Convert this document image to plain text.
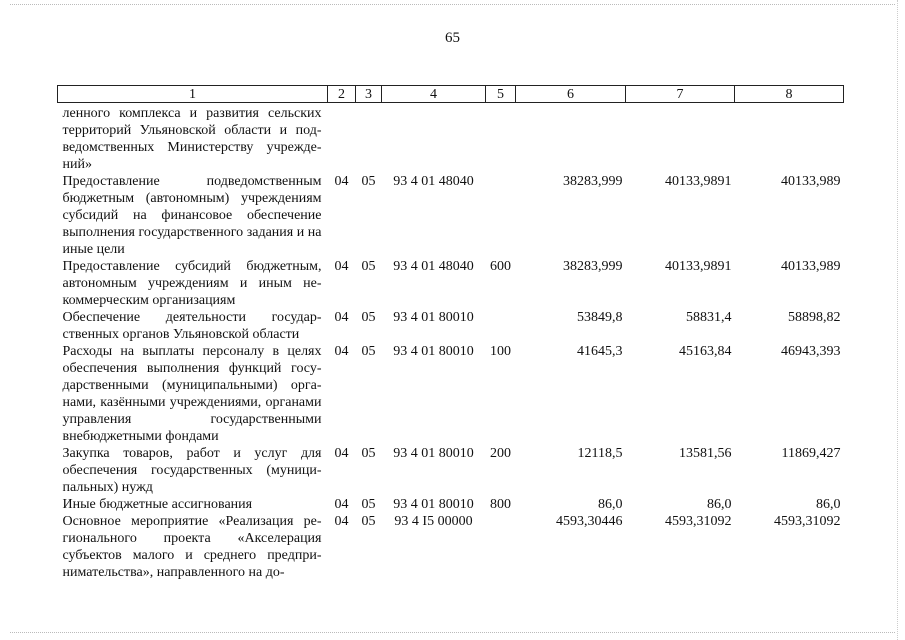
65
1	2	3	4	5	6	7	8
ленного комплекса и развития сельских территорий Ульяновской области и подведомственных Министерству учреждений»							
Предоставление подведомственным бюджетным (автономным) учреждениям субсидий на финансовое обеспечение выполнения государственного задания и на иные цели	04	05	93 4 01 48040		38283,999	40133,9891	40133,989
Предоставление субсидий бюджетным, автономным учреждениям и иным некоммерческим организациям	04	05	93 4 01 48040	600	38283,999	40133,9891	40133,989
Обеспечение деятельности государственных органов Ульяновской области	04	05	93 4 01 80010		53849,8	58831,4	58898,82
Расходы на выплаты персоналу в целях обеспечения выполнения функций государственными (муниципальными) органами, казёнными учреждениями, органами управления государственными внебюджетными фондами	04	05	93 4 01 80010	100	41645,3	45163,84	46943,393
Закупка товаров, работ и услуг для обеспечения государственных (муниципальных) нужд	04	05	93 4 01 80010	200	12118,5	13581,56	11869,427
Иные бюджетные ассигнования	04	05	93 4 01 80010	800	86,0	86,0	86,0
Основное мероприятие «Реализация регионального проекта «Акселерация субъектов малого и среднего предпринимательства», направленного на до-	04	05	93 4 I5 00000		4593,30446	4593,31092	4593,31092
